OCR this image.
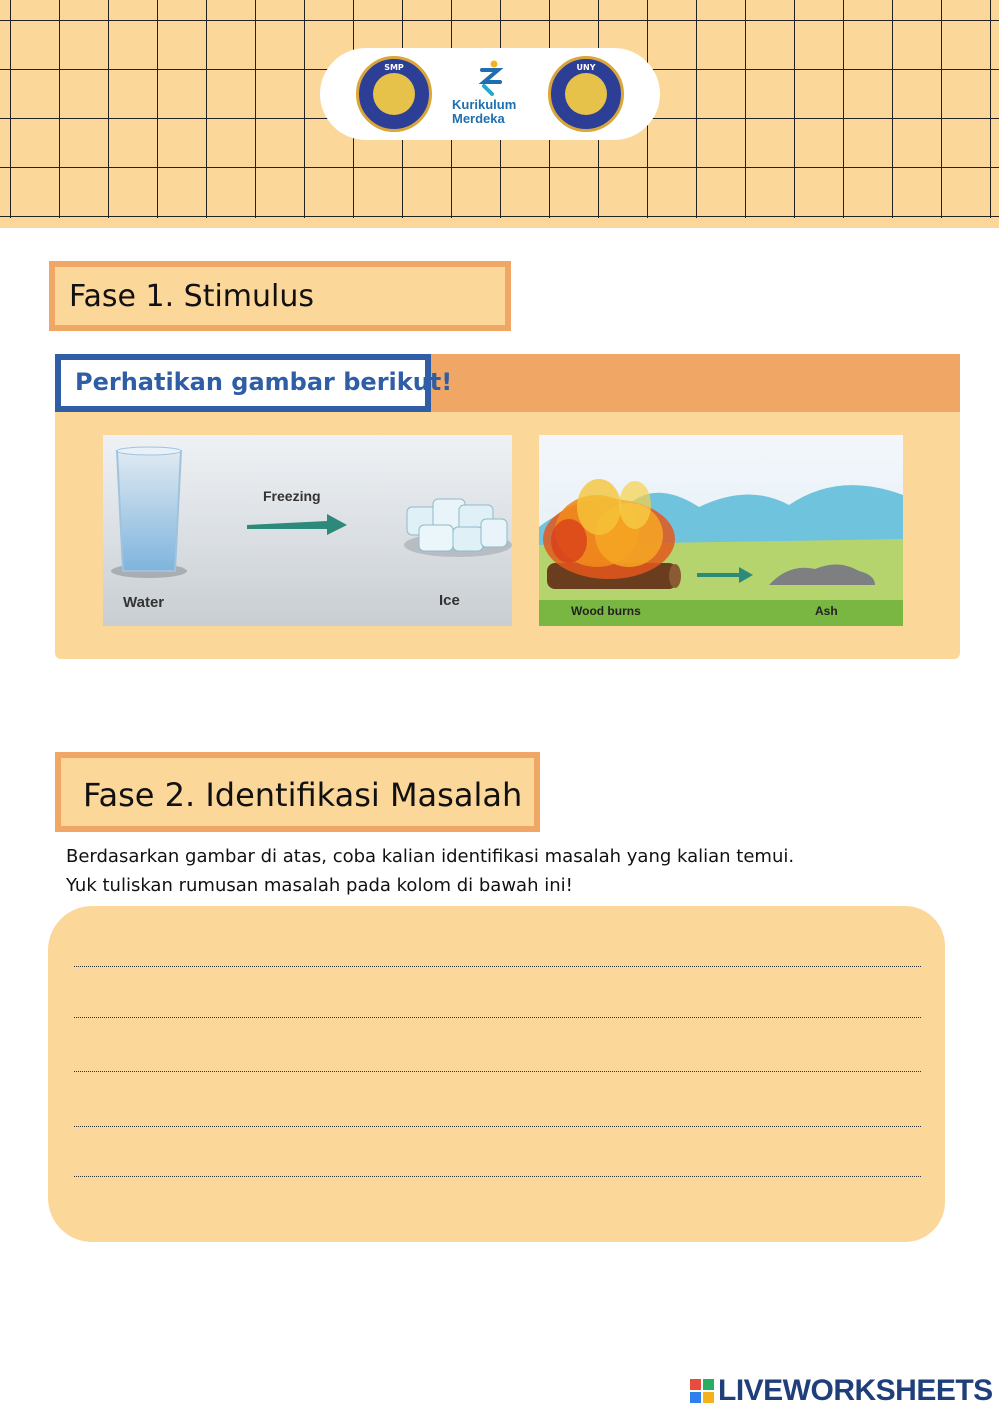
SMP
Kurikulum
Merdeka
UNY
Fase 1. Stimulus
Perhatikan gambar berikut!
Freezing
Water	Ice
Wood burns	Ash
Fase 2. Identifikasi Masalah
Berdasarkan gambar di atas, coba kalian identifikasi masalah yang kalian temui.
Yuk tuliskan rumusan masalah pada kolom di bawah ini!
LIVEWORKSHEETS
